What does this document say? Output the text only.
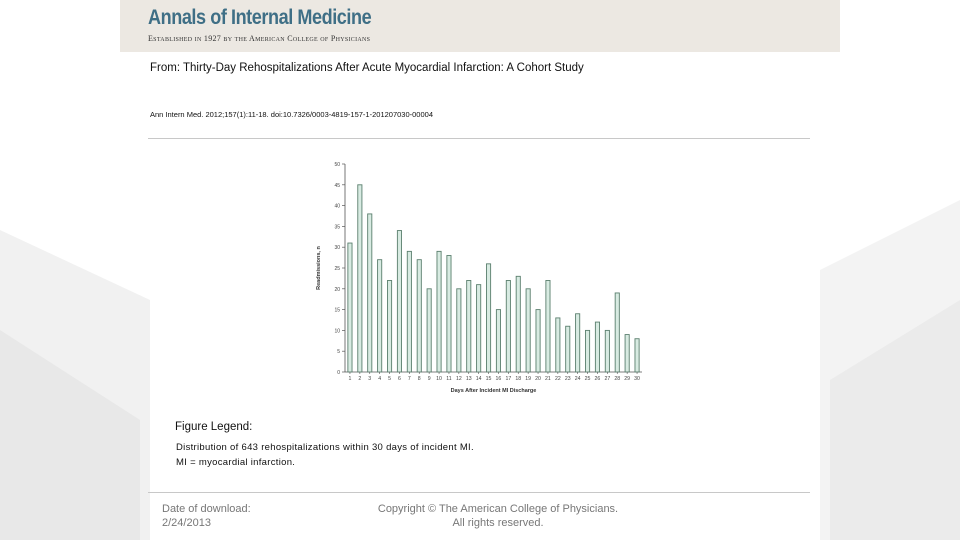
Annals of Internal Medicine
Established in 1927 by the American College of Physicians
From: Thirty-Day Rehospitalizations After Acute Myocardial Infarction: A Cohort Study
Ann Intern Med. 2012;157(1):11-18. doi:10.7326/0003-4819-157-1-201207030-00004
0
5
10
15
20
25
30
35
40
45
50
1 2 3 4 5 6 7 8 9 10 11 12 13 14 15 16 17 18 19 20 21 22 23 24 25 26 27 28 29 30
Days After Incident MI Discharge
Readmissions, n
Figure Legend:
Distribution of 643 rehospitalizations within 30 days of incident MI.
MI = myocardial infarction.
Date of download:
2/24/2013
Copyright © The American College of Physicians.
All rights reserved.
